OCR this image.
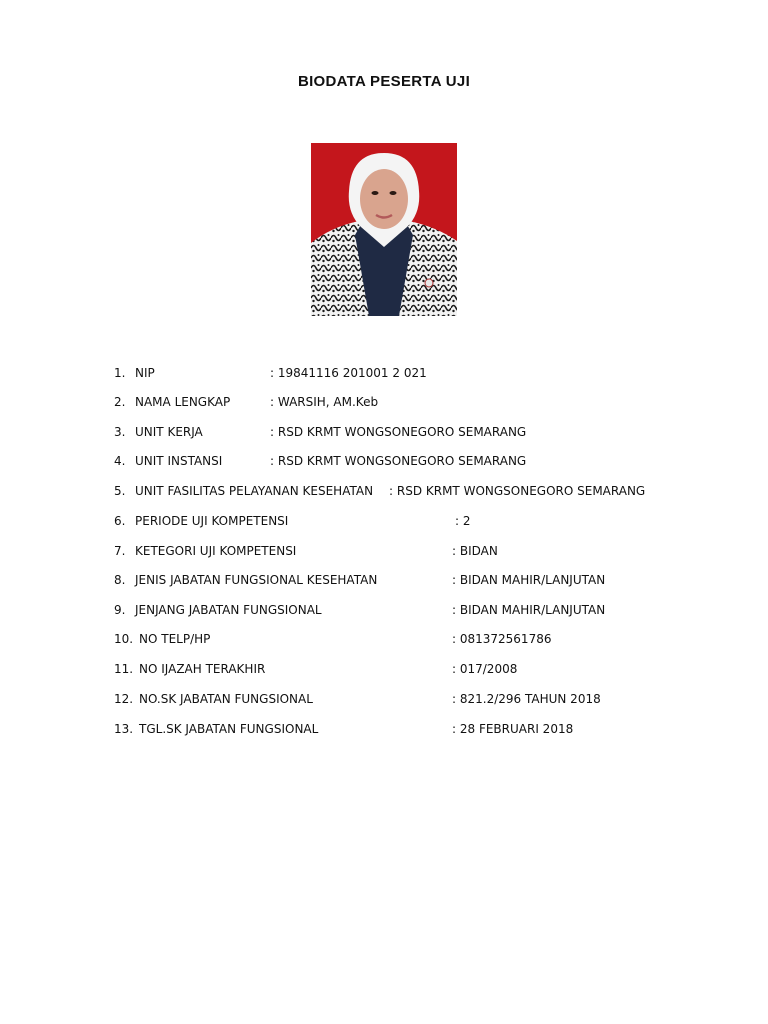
BIODATA PESERTA UJI
1. NIP	: 19841116 201001 2 021
2. NAMA LENGKAP	: WARSIH, AM.Keb
3. UNIT KERJA	: RSD KRMT WONGSONEGORO SEMARANG
4. UNIT INSTANSI	: RSD KRMT WONGSONEGORO SEMARANG
5. UNIT FASILITAS PELAYANAN KESEHATAN : RSD KRMT WONGSONEGORO SEMARANG
6. PERIODE UJI KOMPETENSI	: 2
7. KETEGORI UJI KOMPETENSI	: BIDAN
8. JENIS JABATAN FUNGSIONAL KESEHATAN	: BIDAN MAHIR/LANJUTAN
9. JENJANG JABATAN FUNGSIONAL	: BIDAN MAHIR/LANJUTAN
10. NO TELP/HP	: 081372561786
11. NO IJAZAH TERAKHIR	: 017/2008
12. NO.SK JABATAN FUNGSIONAL	: 821.2/296 TAHUN 2018
13. TGL.SK JABATAN FUNGSIONAL	: 28 FEBRUARI 2018
